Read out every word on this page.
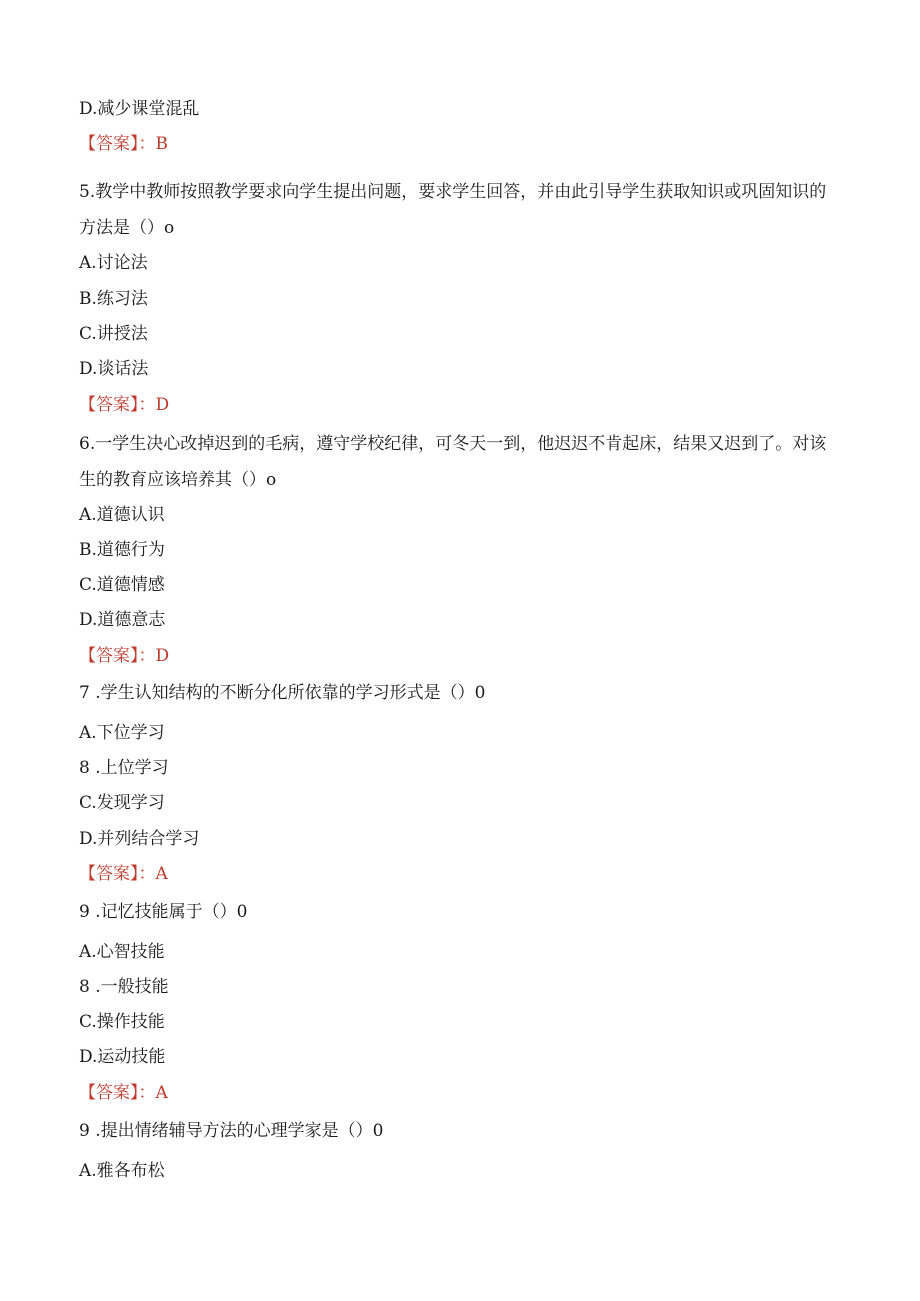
D.减少课堂混乱
【答案】：B
5.教学中教师按照教学要求向学生提出问题，要求学生回答，并由此引导学生获取知识或巩固知识的方法是（）o
A.讨论法
B.练习法
C.讲授法
D.谈话法
【答案】：D
6.一学生决心改掉迟到的毛病，遵守学校纪律，可冬天一到，他迟迟不肯起床，结果又迟到了。对该生的教育应该培养其（）o
A.道德认识
B.道德行为
C.道德情感
D.道德意志
【答案】：D
7 .学生认知结构的不断分化所依靠的学习形式是（）0
A.下位学习
8 .上位学习
C.发现学习
D.并列结合学习
【答案】：A
9 .记忆技能属于（）0
A.心智技能
8 .一般技能
C.操作技能
D.运动技能
【答案】：A
9 .提出情绪辅导方法的心理学家是（）0
A.雅各布松
